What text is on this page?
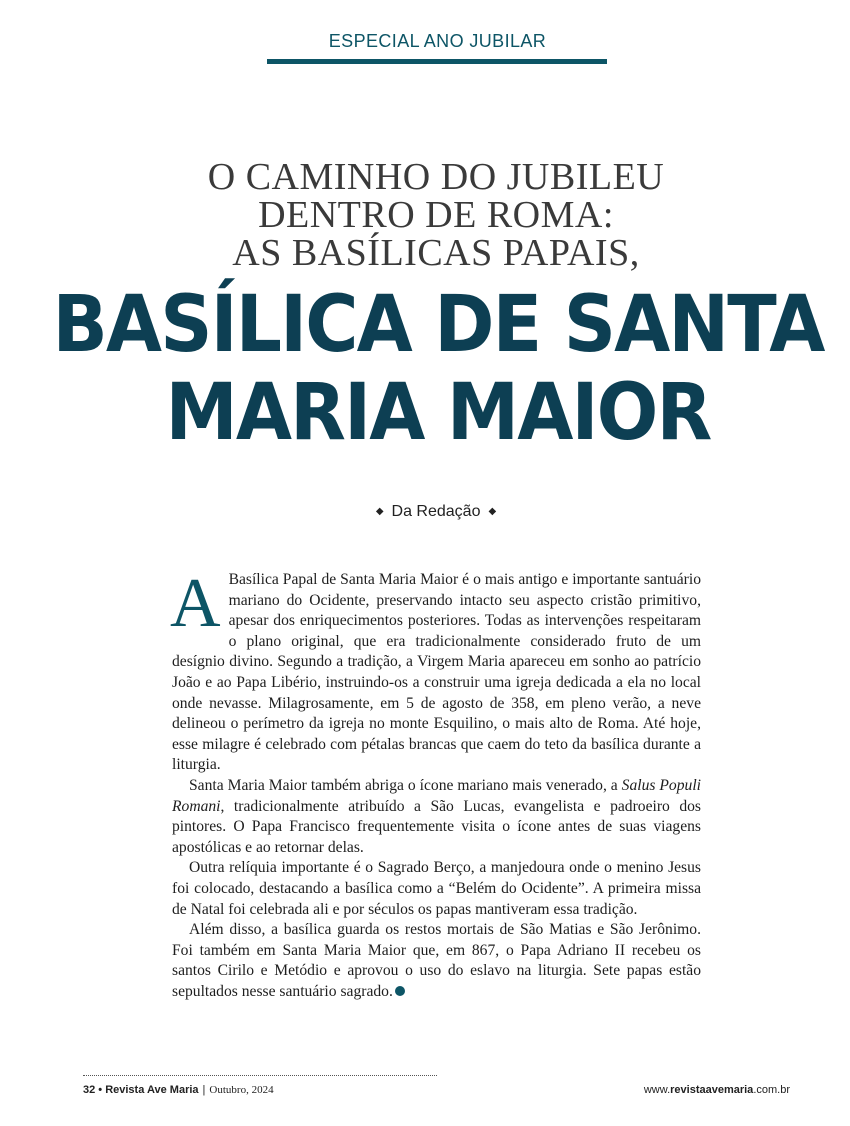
ESPECIAL ANO JUBILAR
O CAMINHO DO JUBILEU
DENTRO DE ROMA:
AS BASÍLICAS PAPAIS,
BASÍLICA DE SANTA
MARIA MAIOR
◆ Da Redação ◆

A Basílica Papal de Santa Maria Maior é o mais antigo e importante santuário mariano do Ocidente, preservando intacto seu aspecto cristão primitivo, apesar dos enriquecimentos posteriores. Todas as intervenções respeitaram o plano original, que era tradicionalmente considerado fruto de um desígnio divino. Segundo a tradição, a Virgem Maria apareceu em sonho ao patrício João e ao Papa Libério, instruindo-os a construir uma igreja dedicada a ela no local onde nevasse. Milagrosamente, em 5 de agosto de 358, em pleno verão, a neve delineou o perímetro da igreja no monte Esquilino, o mais alto de Roma. Até hoje, esse milagre é celebrado com pétalas brancas que caem do teto da basílica durante a liturgia.

Santa Maria Maior também abriga o ícone mariano mais venerado, a Salus Populi Romani, tradicionalmente atribuído a São Lucas, evangelista e padroeiro dos pintores. O Papa Francisco frequentemente visita o ícone antes de suas viagens apostólicas e ao retornar delas.

Outra relíquia importante é o Sagrado Berço, a manjedoura onde o menino Jesus foi colocado, destacando a basílica como a “Belém do Ocidente”. A primeira missa de Natal foi celebrada ali e por séculos os papas mantiveram essa tradição.

Além disso, a basílica guarda os restos mortais de São Matias e São Jerônimo. Foi também em Santa Maria Maior que, em 867, o Papa Adriano II recebeu os santos Cirilo e Metódio e aprovou o uso do eslavo na liturgia. Sete papas estão sepultados nesse santuário sagrado.

32 • Revista Ave Maria | Outubro, 2024	www.revistaavemaria.com.br
